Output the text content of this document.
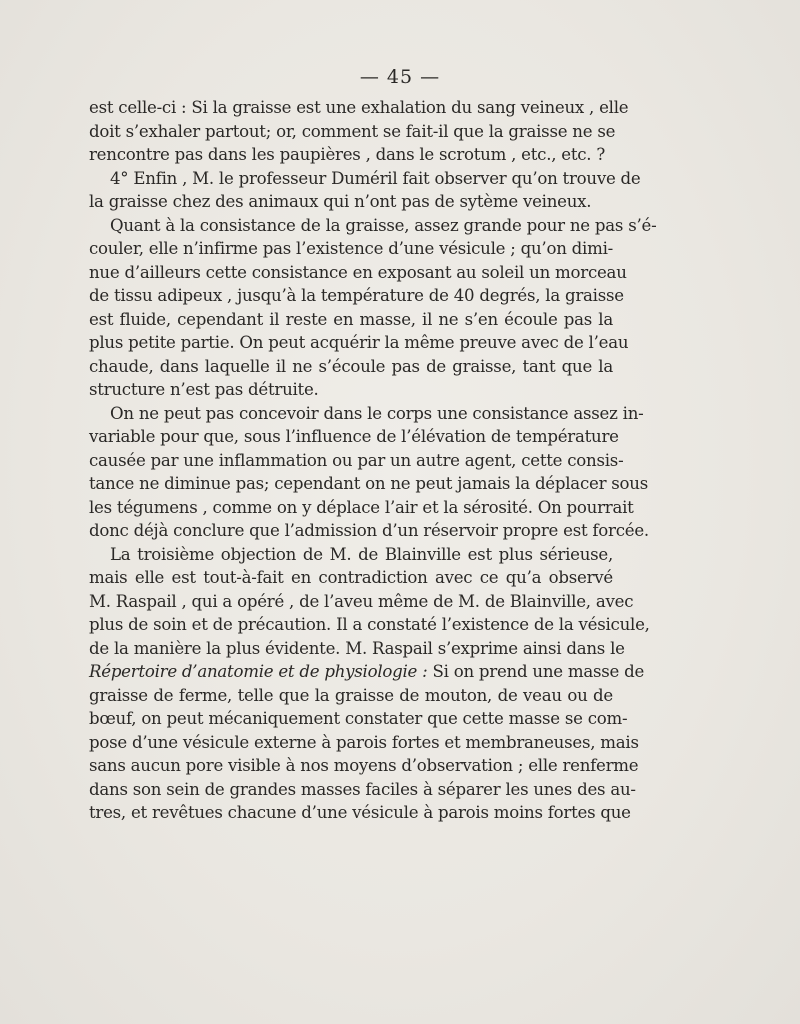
— 45 —
est celle-ci : Si la graisse est une exhalation du sang veineux , elle
doit s’exhaler partout; or, comment se fait-il que la graisse ne se
rencontre pas dans les paupières , dans le scrotum , etc., etc. ?
4° Enfin , M. le professeur Duméril fait observer qu’on trouve de
la graisse chez des animaux qui n’ont pas de sytème veineux.
Quant à la consistance de la graisse, assez grande pour ne pas s’é-
couler, elle n’infirme pas l’existence d’une vésicule ; qu’on dimi-
nue d’ailleurs cette consistance en exposant au soleil un morceau
de tissu adipeux , jusqu’à la température de 40 degrés, la graisse
est fluide, cependant il reste en masse, il ne s’en écoule pas la
plus petite partie. On peut acquérir la même preuve avec de l’eau
chaude, dans laquelle il ne s’écoule pas de graisse, tant que la
structure n’est pas détruite.
On ne peut pas concevoir dans le corps une consistance assez in-
variable pour que, sous l’influence de l’élévation de température
causée par une inflammation ou par un autre agent, cette consis-
tance ne diminue pas; cependant on ne peut jamais la déplacer sous
les tégumens , comme on y déplace l’air et la sérosité. On pourrait
donc déjà conclure que l’admission d’un réservoir propre est forcée.
La troisième objection de M. de Blainville est plus sérieuse,
mais elle est tout-à-fait en contradiction avec ce qu’a observé
M. Raspail , qui a opéré , de l’aveu même de M. de Blainville, avec
plus de soin et de précaution. Il a constaté l’existence de la vésicule,
de la manière la plus évidente. M. Raspail s’exprime ainsi dans le
Répertoire d’anatomie et de physiologie : Si on prend une masse de
graisse de ferme, telle que la graisse de mouton, de veau ou de
bœuf, on peut mécaniquement constater que cette masse se com-
pose d’une vésicule externe à parois fortes et membraneuses, mais
sans aucun pore visible à nos moyens d’observation ; elle renferme
dans son sein de grandes masses faciles à séparer les unes des au-
tres, et revêtues chacune d’une vésicule à parois moins fortes que
